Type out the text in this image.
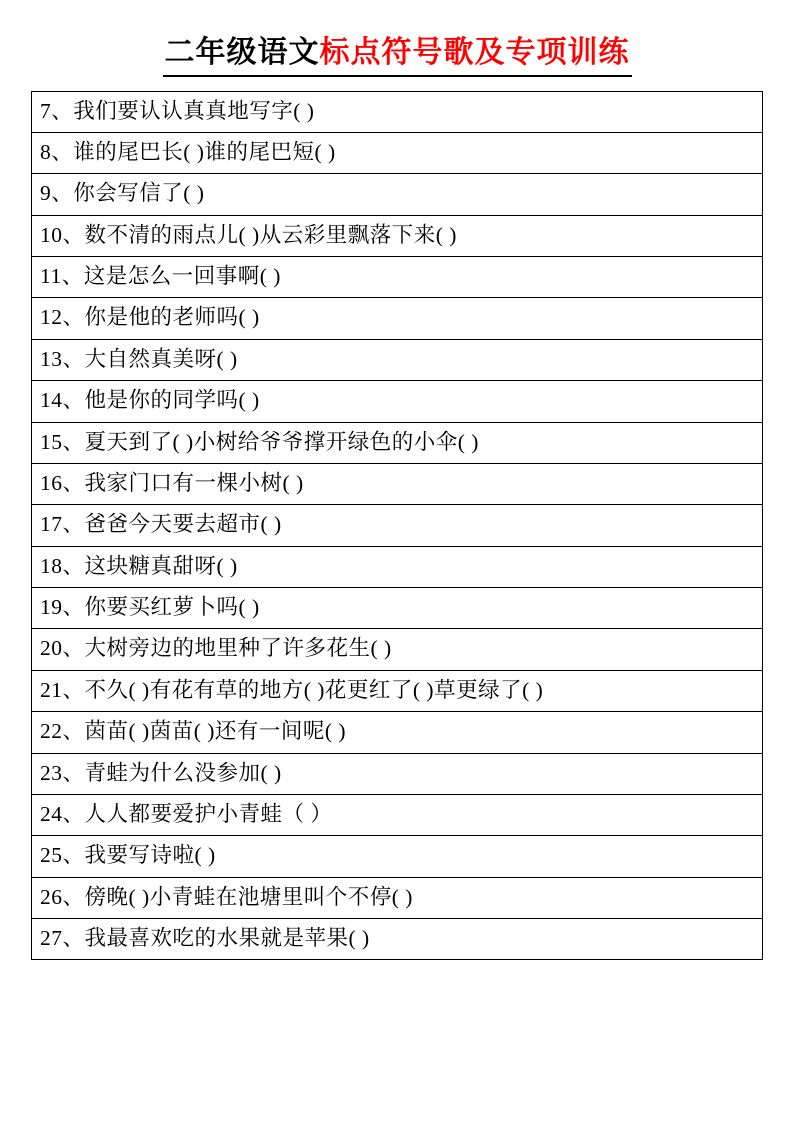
二年级语文标点符号歌及专项训练
7、我们要认认真真地写字( )
8、谁的尾巴长( )谁的尾巴短( )
9、你会写信了( )
10、数不清的雨点儿( )从云彩里飘落下来( )
11、这是怎么一回事啊( )
12、你是他的老师吗( )
13、大自然真美呀( )
14、他是你的同学吗( )
15、夏天到了( )小树给爷爷撑开绿色的小伞( )
16、我家门口有一棵小树( )
17、爸爸今天要去超市( )
18、这块糖真甜呀( )
19、你要买红萝卜吗( )
20、大树旁边的地里种了许多花生( )
21、不久( )有花有草的地方( )花更红了( )草更绿了( )
22、茵苗( )茵苗( )还有一间呢( )
23、青蛙为什么没参加( )
24、人人都要爱护小青蛙（ ）
25、我要写诗啦( )
26、傍晚( )小青蛙在池塘里叫个不停( )
27、我最喜欢吃的水果就是苹果( )
